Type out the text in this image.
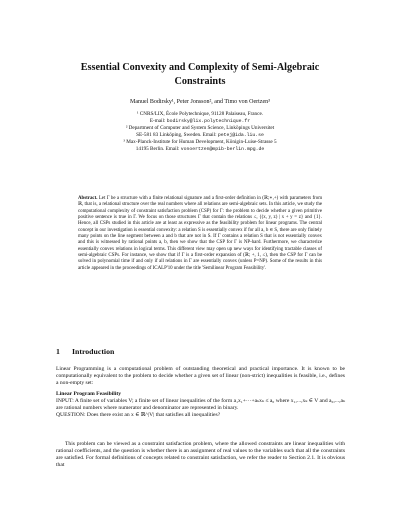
Essential Convexity and Complexity of Semi-Algebraic
Constraints
Manuel Bodirsky¹, Peter Jonsson², and Timo von Oertzen³

¹ CNRS/LIX, École Polytechnique, 91128 Palaiseau, France.
E-mail: bodirsky@lix.polytechnique.fr

² Department of Computer and System Science, Linköpings Universitet
SE-581 83 Linköping, Sweden. Email: petej@ida.liu.se

³ Max-Planck-Institute for Human Development, Königin-Luise-Strasse 5
14195 Berlin. Email: vonoertzen@mpib-berlin.mpg.de

Abstract. Let Γ be a structure with a finite relational signature and a first-order definition in (ℝ;∗,+) with parameters from ℝ, that is, a relational structure over the real numbers where all relations are semi-algebraic sets. In this article, we study the computational complexity of constraint satisfaction problem (CSP) for Γ: the problem to decide whether a given primitive positive sentence is true in Γ. We focus on those structures Γ that contain the relations ≤, {(x, y, z) | x + y = z} and {1}. Hence, all CSPs studied in this article are at least as expressive as the feasibility problem for linear programs. The central concept in our investigation is essential convexity: a relation S is essentially convex if for all a, b ∈ S, there are only finitely many points on the line segment between a and b that are not in S. If Γ contains a relation S that is not essentially convex and this is witnessed by rational points a, b, then we show that the CSP for Γ is NP-hard. Furthermore, we characterize essentially convex relations in logical terms. This different view may open up new ways for identifying tractable classes of semi-algebraic CSPs. For instance, we show that if Γ is a first-order expansion of (ℝ; +, 1, ≤), then the CSP for Γ can be solved in polynomial time if and only if all relations in Γ are essentially convex (unless P=NP). Some of the results in this article appeared in the proceedings of ICALP'10 under the title 'Semilinear Program Feasibility'.
1 Introduction
Linear Programming is a computational problem of outstanding theoretical and practical importance. It is known to be computationally equivalent to the problem to decide whether a given set of linear (non-strict) inequalities is feasible, i.e., defines a non-empty set:
Linear Program Feasibility
INPUT: A finite set of variables V; a finite set of linear inequalities of the form a₁x₁+···+aₖxₖ ≤ a₀ where x₁,...,xₖ ∈ V and a₀,...,aₖ are rational numbers where numerator and denominator are represented in binary.
QUESTION: Does there exist an x ∈ ℝ^|V| that satisfies all inequalities?
This problem can be viewed as a constraint satisfaction problem, where the allowed constraints are linear inequalities with rational coefficients, and the question is whether there is an assignment of real values to the variables such that all the constraints are satisfied. For formal definitions of concepts related to constraint satisfaction, we refer the reader to Section 2.1. It is obvious that
